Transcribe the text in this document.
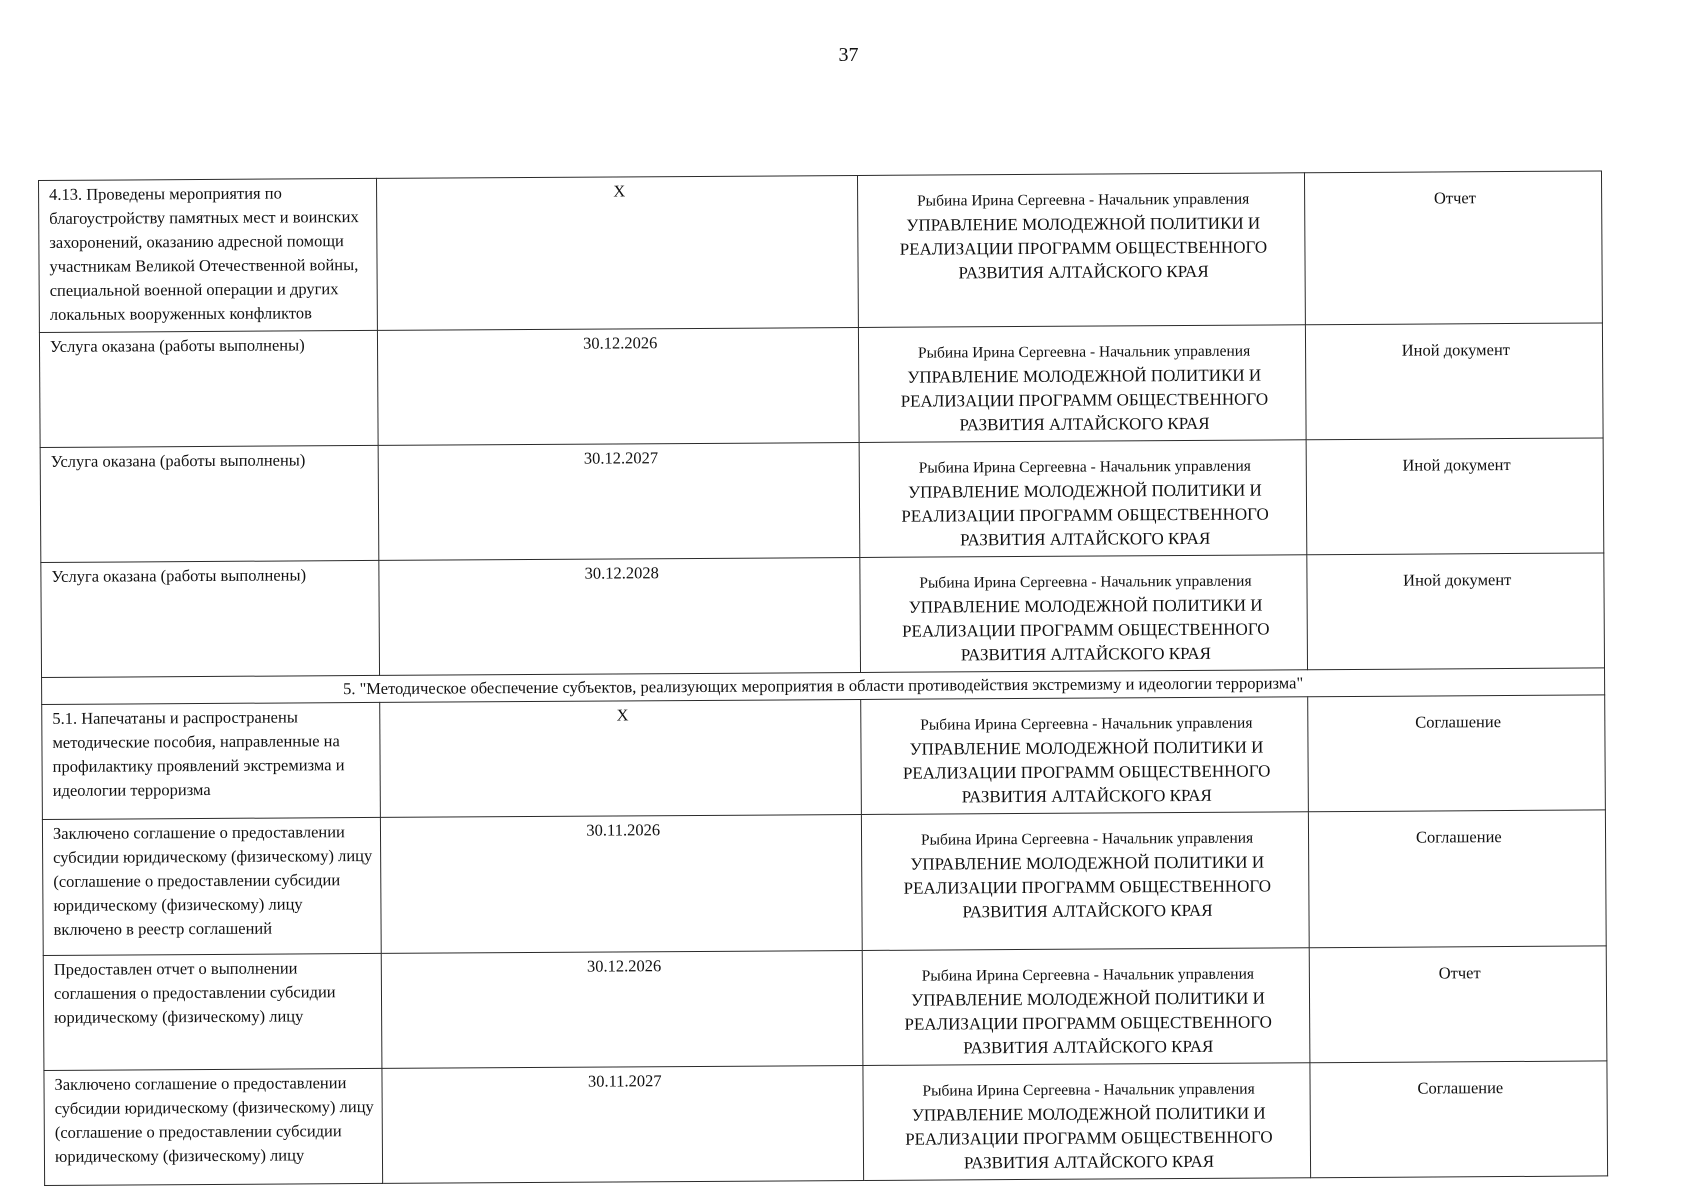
37
4.13. Проведены мероприятия по благоустройству памятных мест и воинских захоронений, оказанию адресной помощи участникам Великой Отечественной войны, специальной военной операции и других локальных вооруженных конфликтов	X	Рыбина Ирина Сергеевна - Начальник управления
УПРАВЛЕНИЕ МОЛОДЕЖНОЙ ПОЛИТИКИ И РЕАЛИЗАЦИИ ПРОГРАММ ОБЩЕСТВЕННОГО РАЗВИТИЯ АЛТАЙСКОГО КРАЯ	Отчет
Услуга оказана (работы выполнены)	30.12.2026	Рыбина Ирина Сергеевна - Начальник управления
УПРАВЛЕНИЕ МОЛОДЕЖНОЙ ПОЛИТИКИ И РЕАЛИЗАЦИИ ПРОГРАММ ОБЩЕСТВЕННОГО РАЗВИТИЯ АЛТАЙСКОГО КРАЯ	Иной документ
Услуга оказана (работы выполнены)	30.12.2027	Рыбина Ирина Сергеевна - Начальник управления
УПРАВЛЕНИЕ МОЛОДЕЖНОЙ ПОЛИТИКИ И РЕАЛИЗАЦИИ ПРОГРАММ ОБЩЕСТВЕННОГО РАЗВИТИЯ АЛТАЙСКОГО КРАЯ	Иной документ
Услуга оказана (работы выполнены)	30.12.2028	Рыбина Ирина Сергеевна - Начальник управления
УПРАВЛЕНИЕ МОЛОДЕЖНОЙ ПОЛИТИКИ И РЕАЛИЗАЦИИ ПРОГРАММ ОБЩЕСТВЕННОГО РАЗВИТИЯ АЛТАЙСКОГО КРАЯ	Иной документ
5. "Методическое обеспечение субъектов, реализующих мероприятия в области противодействия экстремизму и идеологии терроризма"			
5.1. Напечатаны и распространены методические пособия, направленные на профилактику проявлений экстремизма и идеологии терроризма	X	Рыбина Ирина Сергеевна - Начальник управления
УПРАВЛЕНИЕ МОЛОДЕЖНОЙ ПОЛИТИКИ И РЕАЛИЗАЦИИ ПРОГРАММ ОБЩЕСТВЕННОГО РАЗВИТИЯ АЛТАЙСКОГО КРАЯ	Соглашение
Заключено соглашение о предоставлении субсидии юридическому (физическому) лицу (соглашение о предоставлении субсидии юридическому (физическому) лицу включено в реестр соглашений	30.11.2026	Рыбина Ирина Сергеевна - Начальник управления
УПРАВЛЕНИЕ МОЛОДЕЖНОЙ ПОЛИТИКИ И РЕАЛИЗАЦИИ ПРОГРАММ ОБЩЕСТВЕННОГО РАЗВИТИЯ АЛТАЙСКОГО КРАЯ	Соглашение
Предоставлен отчет о выполнении соглашения о предоставлении субсидии юридическому (физическому) лицу	30.12.2026	Рыбина Ирина Сергеевна - Начальник управления
УПРАВЛЕНИЕ МОЛОДЕЖНОЙ ПОЛИТИКИ И РЕАЛИЗАЦИИ ПРОГРАММ ОБЩЕСТВЕННОГО РАЗВИТИЯ АЛТАЙСКОГО КРАЯ	Отчет
Заключено соглашение о предоставлении субсидии юридическому (физическому) лицу (соглашение о предоставлении субсидии юридическому (физическому) лицу	30.11.2027	Рыбина Ирина Сергеевна - Начальник управления
УПРАВЛЕНИЕ МОЛОДЕЖНОЙ ПОЛИТИКИ И РЕАЛИЗАЦИИ ПРОГРАММ ОБЩЕСТВЕННОГО РАЗВИТИЯ АЛТАЙСКОГО КРАЯ	Соглашение
